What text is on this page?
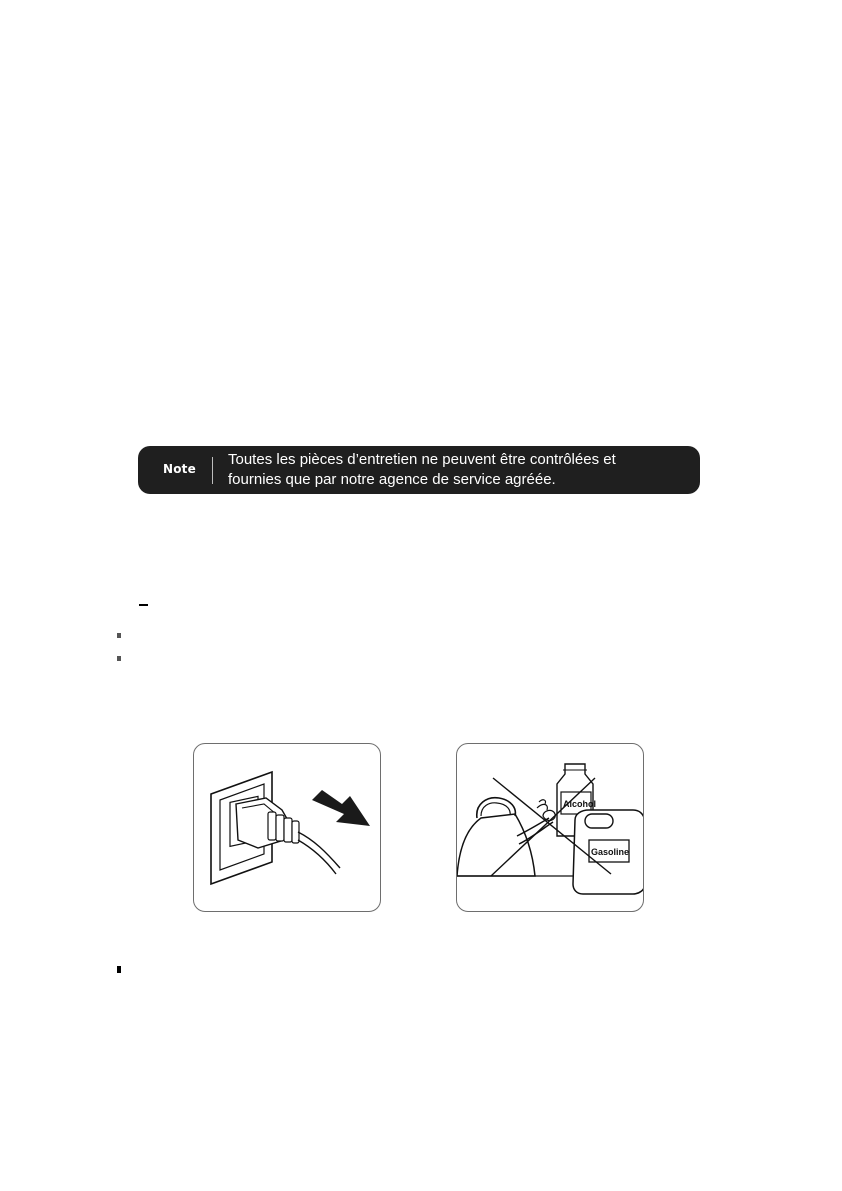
Note
Toutes les pièces d’entretien ne peuvent être contrôlées et
fournies que par notre agence de service agréée.
Alcohol
Gasoline
